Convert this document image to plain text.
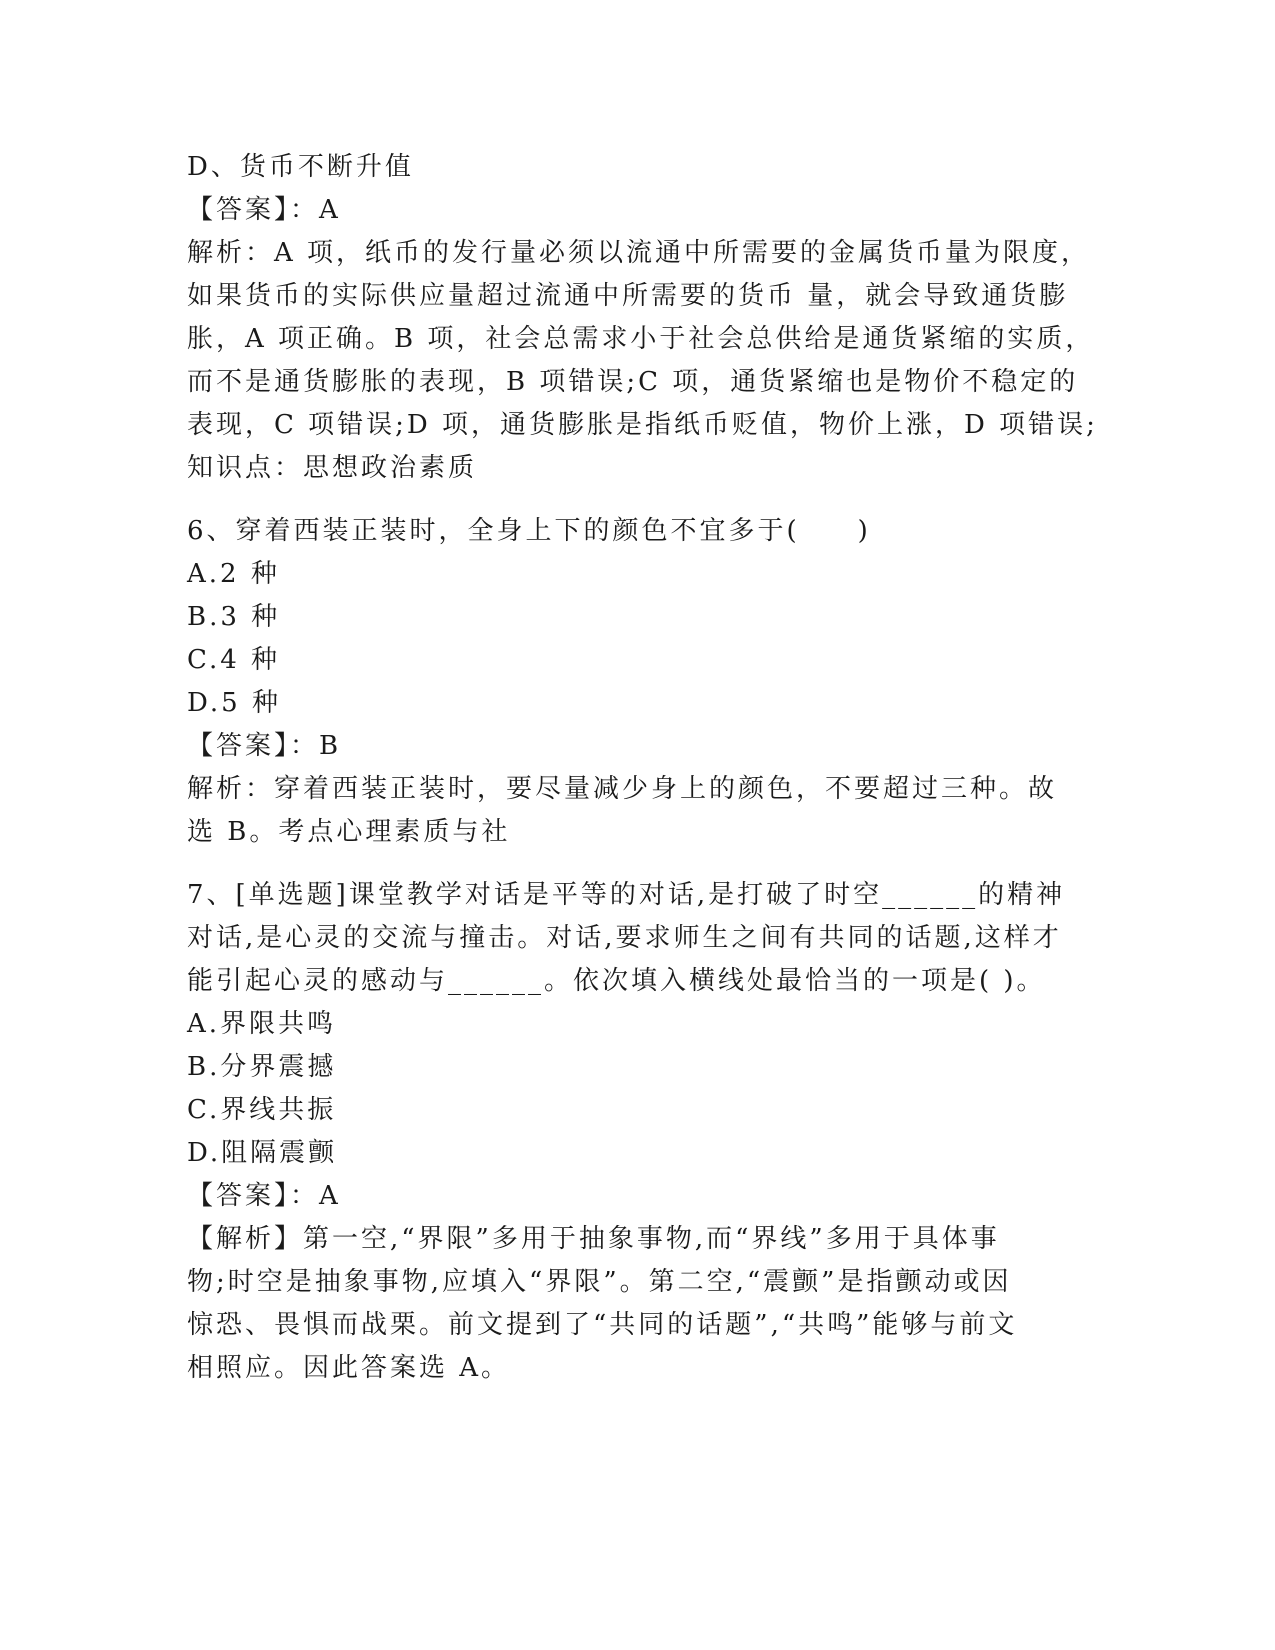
D、货币不断升值
【答案】：A
解析：A 项，纸币的发行量必须以流通中所需要的金属货币量为限度，
如果货币的实际供应量超过流通中所需要的货币 量，就会导致通货膨
胀，A 项正确。B 项，社会总需求小于社会总供给是通货紧缩的实质，
而不是通货膨胀的表现，B 项错误;C 项，通货紧缩也是物价不稳定的
表现，C 项错误;D 项，通货膨胀是指纸币贬值，物价上涨，D 项错误;
知识点：思想政治素质
6、穿着西装正装时，全身上下的颜色不宜多于(　　)
A.2 种
B.3 种
C.4 种
D.5 种
【答案】：B
解析：穿着西装正装时，要尽量减少身上的颜色，不要超过三种。故
选 B。考点心理素质与社
7、[单选题]课堂教学对话是平等的对话,是打破了时空______的精神
对话,是心灵的交流与撞击。对话,要求师生之间有共同的话题,这样才
能引起心灵的感动与______。依次填入横线处最恰当的一项是( )。
A.界限共鸣
B.分界震撼
C.界线共振
D.阻隔震颤
【答案】：A
【解析】第一空,“界限”多用于抽象事物,而“界线”多用于具体事
物;时空是抽象事物,应填入“界限”。第二空,“震颤”是指颤动或因
惊恐、畏惧而战栗。前文提到了“共同的话题”,“共鸣”能够与前文
相照应。因此答案选 A。
